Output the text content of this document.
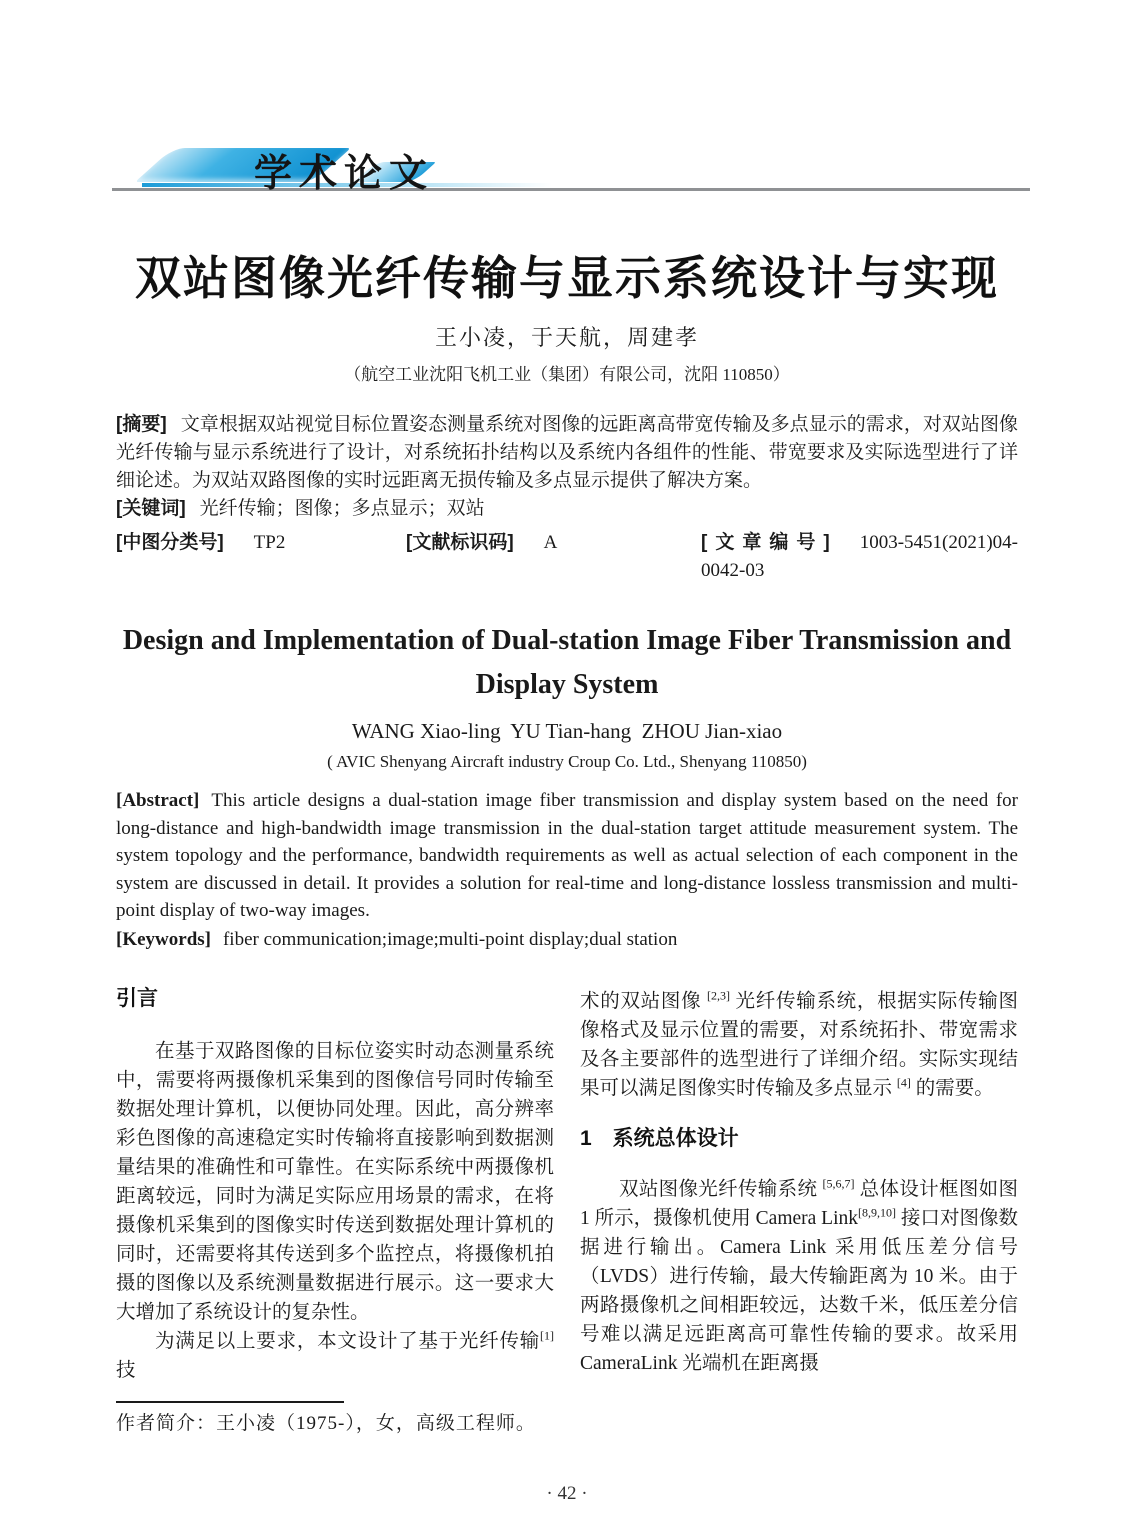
学术论文
双站图像光纤传输与显示系统设计与实现
王小凌，于天航，周建孝
（航空工业沈阳飞机工业（集团）有限公司，沈阳 110850）
[摘要] 文章根据双站视觉目标位置姿态测量系统对图像的远距离高带宽传输及多点显示的需求，对双站图像光纤传输与显示系统进行了设计，对系统拓扑结构以及系统内各组件的性能、带宽要求及实际选型进行了详细论述。为双站双路图像的实时远距离无损传输及多点显示提供了解决方案。
[关键词] 光纤传输；图像；多点显示；双站
[中图分类号] TP2	[文献标识码] A	[文章编号] 1003-5451(2021)04-0042-03
Design and Implementation of Dual-station Image Fiber Transmission and Display System
WANG Xiao-ling  YU Tian-hang  ZHOU Jian-xiao
( AVIC Shenyang Aircraft industry Croup Co. Ltd., Shenyang 110850)
[Abstract] This article designs a dual-station image fiber transmission and display system based on the need for long-distance and high-bandwidth image transmission in the dual-station target attitude measurement system. The system topology and the performance, bandwidth requirements as well as actual selection of each component in the system are discussed in detail. It provides a solution for real-time and long-distance lossless transmission and multi-point display of two-way images.
[Keywords] fiber communication;image;multi-point display;dual station
引言

在基于双路图像的目标位姿实时动态测量系统中，需要将两摄像机采集到的图像信号同时传输至数据处理计算机，以便协同处理。因此，高分辨率彩色图像的高速稳定实时传输将直接影响到数据测量结果的准确性和可靠性。在实际系统中两摄像机距离较远，同时为满足实际应用场景的需求，在将摄像机采集到的图像实时传送到数据处理计算机的同时，还需要将其传送到多个监控点，将摄像机拍摄的图像以及系统测量数据进行展示。这一要求大大增加了系统设计的复杂性。

为满足以上要求，本文设计了基于光纤传输[1] 技

作者简介：王小凌（1975-），女，高级工程师。

术的双站图像 [2,3] 光纤传输系统，根据实际传输图像格式及显示位置的需要，对系统拓扑、带宽需求及各主要部件的选型进行了详细介绍。实际实现结果可以满足图像实时传输及多点显示 [4] 的需要。

1　系统总体设计

双站图像光纤传输系统 [5,6,7] 总体设计框图如图 1 所示，摄像机使用 Camera Link[8,9,10] 接口对图像数据进行输出。Camera Link 采用低压差分信号（LVDS）进行传输，最大传输距离为 10 米。由于两路摄像机之间相距较远，达数千米，低压差分信号难以满足远距离高可靠性传输的要求。故采用 CameraLink 光端机在距离摄

· 42 ·
